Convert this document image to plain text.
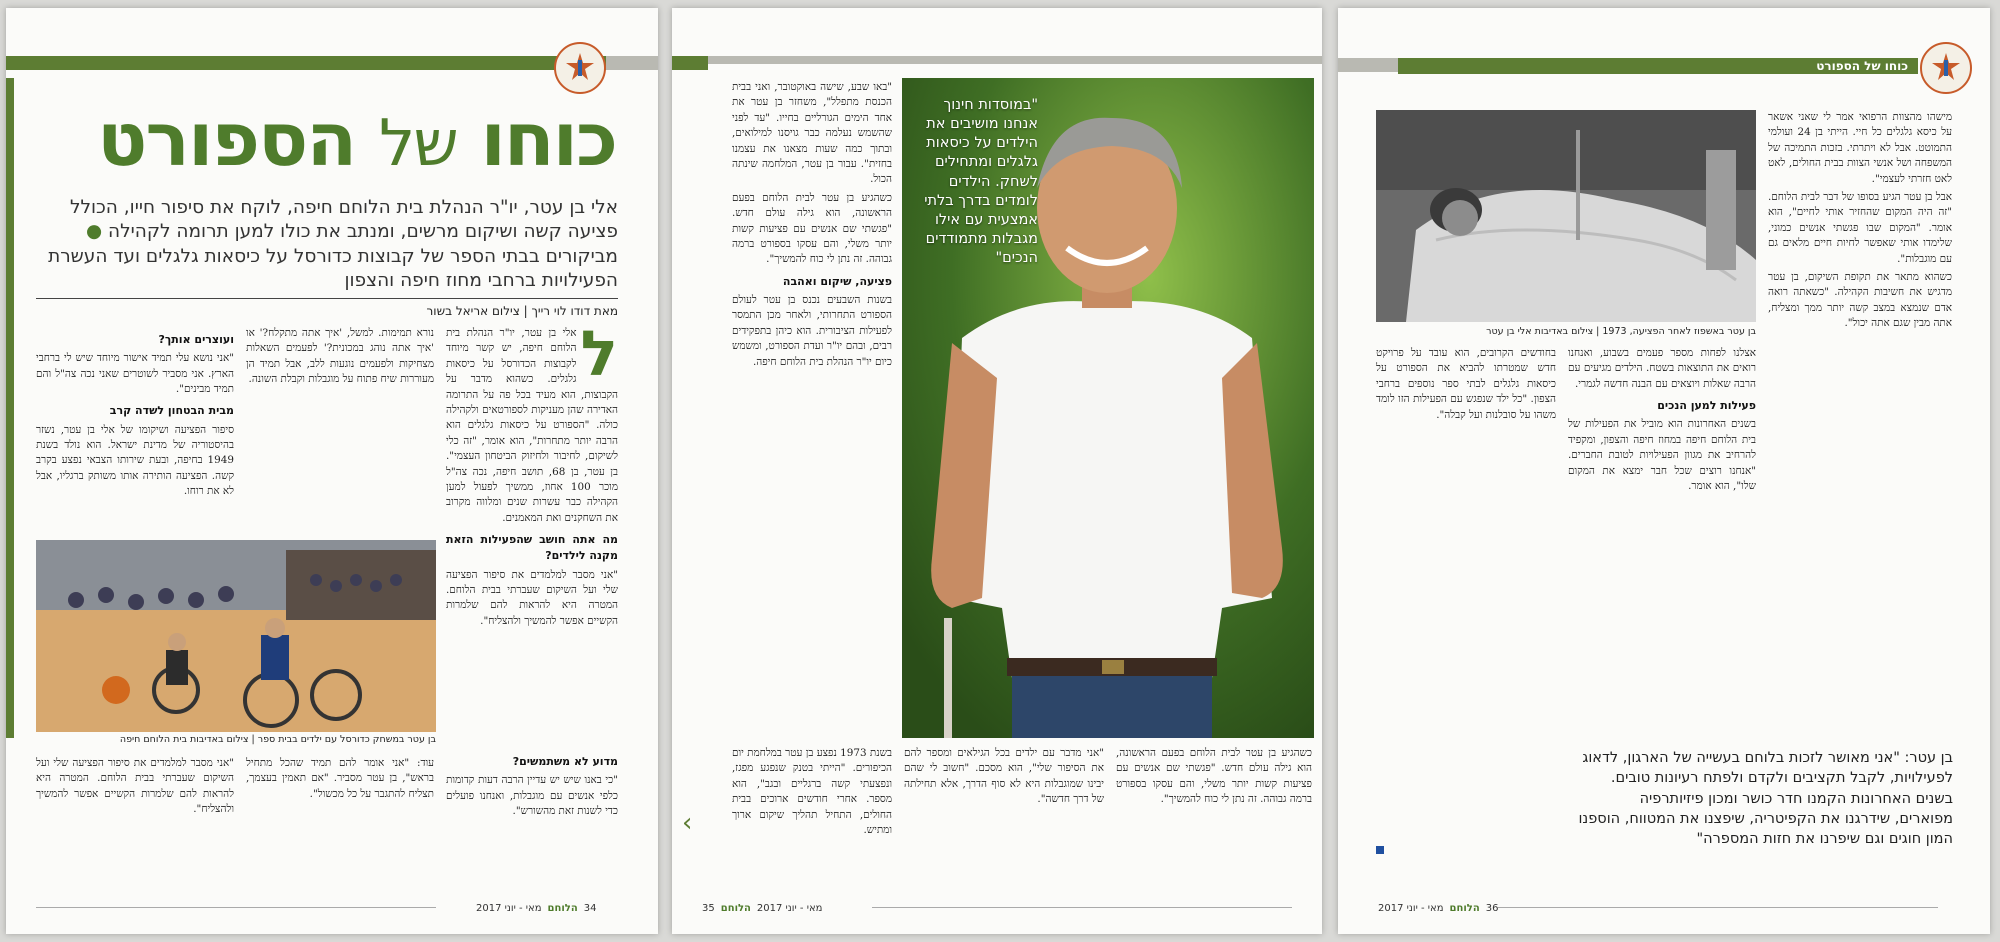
כוחו של הספורט
אלי בן עטר, יו"ר הנהלת בית הלוחם חיפה, לוקח את סיפור חייו, הכולל פציעה קשה ושיקום מרשים, ומנתב את כולו למען תרומה לקהילה ● מביקורים בבתי הספר של קבוצות כדורסל על כיסאות גלגלים ועד העשרת הפעילויות ברחבי מחוז חיפה והצפון
מאת דודו לוי רייך | צילום אריאל בשור
ל

אלי בן עטר, יו"ר הנהלת בית הלוחם חיפה, יש קשר מיוחד לקבוצות הכדורסל על כיסאות גלגלים. כשהוא מדבר על הקבוצות, הוא מעיד בכל פה על התרומה האדירה שהן מעניקות לספורטאים ולקהילה כולה. "הספורט על כיסאות גלגלים הוא הרבה יותר מתחרות", הוא אומר, "זה כלי לשיקום, לחיבור ולחיזוק הביטחון העצמי". בן עטר, בן 68, תושב חיפה, נכה צה"ל מוכר 100 אחוז, ממשיך לפעול למען הקהילה כבר עשרות שנים ומלווה מקרוב את השחקנים ואת המאמנים.

מה אתה חושב שהפעילות הזאת מקנה לילדים?

"אני מסבר למלמדים את סיפור הפציעה שלי ועל השיקום שעברתי בבית הלוחם. המטרה היא להראות להם שלמרות הקשיים אפשר להמשיך ולהצליח".

נורא תמימות. למשל, 'איך אתה מתקלח?' או 'איך אתה נוהג במכונית?' לפעמים השאלות מצחיקות ולפעמים נוגעות ללב, אבל תמיד הן מעוררות שיח פתוח על מוגבלות וקבלת השונה.

ועוצרים אותך?

"אני נושא עלי תמיד אישור מיוחד שיש לי ברחבי הארץ. אני מסביר לשוטרים שאני נכה צה"ל והם תמיד מבינים".

מבית הבטחון לשדה קרב

סיפור הפציעה ושיקומו של אלי בן עטר, נשזר בהיסטוריה של מדינת ישראל. הוא נולד בשנת 1949 בחיפה, ובעת שירותו הצבאי נפצע בקרב קשה. הפציעה הותירה אותו משותק ברגליו, אבל לא את רוחו.

בן עטר במשחק כדורסל עם ילדים בבית ספר | צילום באדיבות בית הלוחם חיפה

מדוע לא משתמשים?

"כי באנו שיש יש עדיין הרבה דעות קדומות כלפי אנשים עם מוגבלות, ואנחנו פועלים כדי לשנות זאת מהשורש".

עוד: "אני אומר להם תמיד שהכל מתחיל בראש", בן עטר מסביר. "אם תאמין בעצמך, תצליח להתגבר על כל מכשול".

"אני מסבר למלמדים את סיפור הפציעה שלי ועל השיקום שעברתי בבית הלוחם. המטרה היא להראות להם שלמרות הקשיים אפשר להמשיך ולהצליח".

מאי - יוני 2017 הלוחם 34
"במוסדות חינוך אנחנו מושיבים את הילדים על כיסאות גלגלים ומתחילים לשחק. הילדים לומדים בדרך בלתי אמצעית עם אילו מגבלות מתמודדים הנכים"

"באו שבע, שישה באוקטובר, ואני בבית הכנסת מתפלל", משחזר בן עטר את אחד הימים הגורליים בחייו. "עד לפני שהשמש נעלמה כבר גויסנו למילואים, ובתוך כמה שעות מצאנו את עצמנו בחזית". עבור בן עטר, המלחמה שינתה הכול.

כשהגיע בן עטר לבית הלוחם בפעם הראשונה, הוא גילה עולם חדש. "פגשתי שם אנשים עם פציעות קשות יותר משלי, והם עסקו בספורט ברמה גבוהה. זה נתן לי כוח להמשיך".

פציעה, שיקום ואהבה

בשנות השבעים נכנס בן עטר לעולם הספורט התחרותי, ולאחר מכן התמסר לפעילות הציבורית. הוא כיהן בתפקידים רבים, ובהם יו"ר ועדת הספורט, ומשמש כיום יו"ר הנהלת בית הלוחם חיפה.

בשנת 1973 נפצע בן עטר במלחמת יום הכיפורים. "הייתי בטנק שנפגע מפגז, ונפצעתי קשה ברגליים ובגב", הוא מספר. אחרי חודשים ארוכים בבית החולים, התחיל תהליך שיקום ארוך ומתיש.

"אני מדבר עם ילדים בכל הגילאים ומספר להם את הסיפור שלי", הוא מסכם. "חשוב לי שהם יבינו שמוגבלות היא לא סוף הדרך, אלא תחילתה של דרך חדשה".

כשהגיע בן עטר לבית הלוחם בפעם הראשונה, הוא גילה עולם חדש. "פגשתי שם אנשים עם פציעות קשות יותר משלי, והם עסקו בספורט ברמה גבוהה. זה נתן לי כוח להמשיך".

‹
35 הלוחם מאי - יוני 2017
כוחו של הספורט
בן עטר באשפוז לאחר הפציעה, 1973 | צילום באדיבות אלי בן עטר

מישהו מהצוות הרפואי אמר לי שאני אשאר על כיסא גלגלים כל חיי. הייתי בן 24 ועולמי התמוטט. אבל לא ויתרתי. בזכות התמיכה של המשפחה ושל אנשי הצוות בבית החולים, לאט לאט חזרתי לעצמי".

אבל בן עטר הגיע בסופו של דבר לבית הלוחם. "זה היה המקום שהחזיר אותי לחיים", הוא אומר. "המקום שבו פגשתי אנשים כמוני, שלימדו אותי שאפשר לחיות חיים מלאים גם עם מוגבלות".

כשהוא מתאר את תקופת השיקום, בן עטר מדגיש את חשיבות הקהילה. "כשאתה רואה אדם שנמצא במצב קשה יותר ממך ומצליח, אתה מבין שגם אתה יכול".

אצלנו לפחות מספר פעמים בשבוע, ואנחנו רואים את התוצאות בשטח. הילדים מגיעים עם הרבה שאלות ויוצאים עם הבנה חדשה לגמרי.

פעילות למען הנכים

בשנים האחרונות הוא מוביל את הפעילות של בית הלוחם חיפה במחוז חיפה והצפון, ומקפיד להרחיב את מגוון הפעילויות לטובת החברים. "אנחנו רוצים שכל חבר ימצא את המקום שלו", הוא אומר.

בחודשים הקרובים, הוא עובד על פרויקט חדש שמטרתו להביא את הספורט על כיסאות גלגלים לבתי ספר נוספים ברחבי הצפון. "כל ילד שנפגש עם הפעילות הזו לומד משהו על סובלנות ועל קבלה".

בן עטר: "אני מאושר לזכות בלוחם בעשייה של הארגון, לדאוג לפעילויות, לקבל תקציבים ולקדם ולפתח רעיונות טובים. בשנים האחרונות הקמנו חדר כושר ומכון פיזיותרפיה מפוארים, שידרגנו את הקפיטריה, שיפצנו את המטווח, הוספנו המון חוגים וגם שיפרנו את חזות המספרה"
מאי - יוני 2017 הלוחם 36
